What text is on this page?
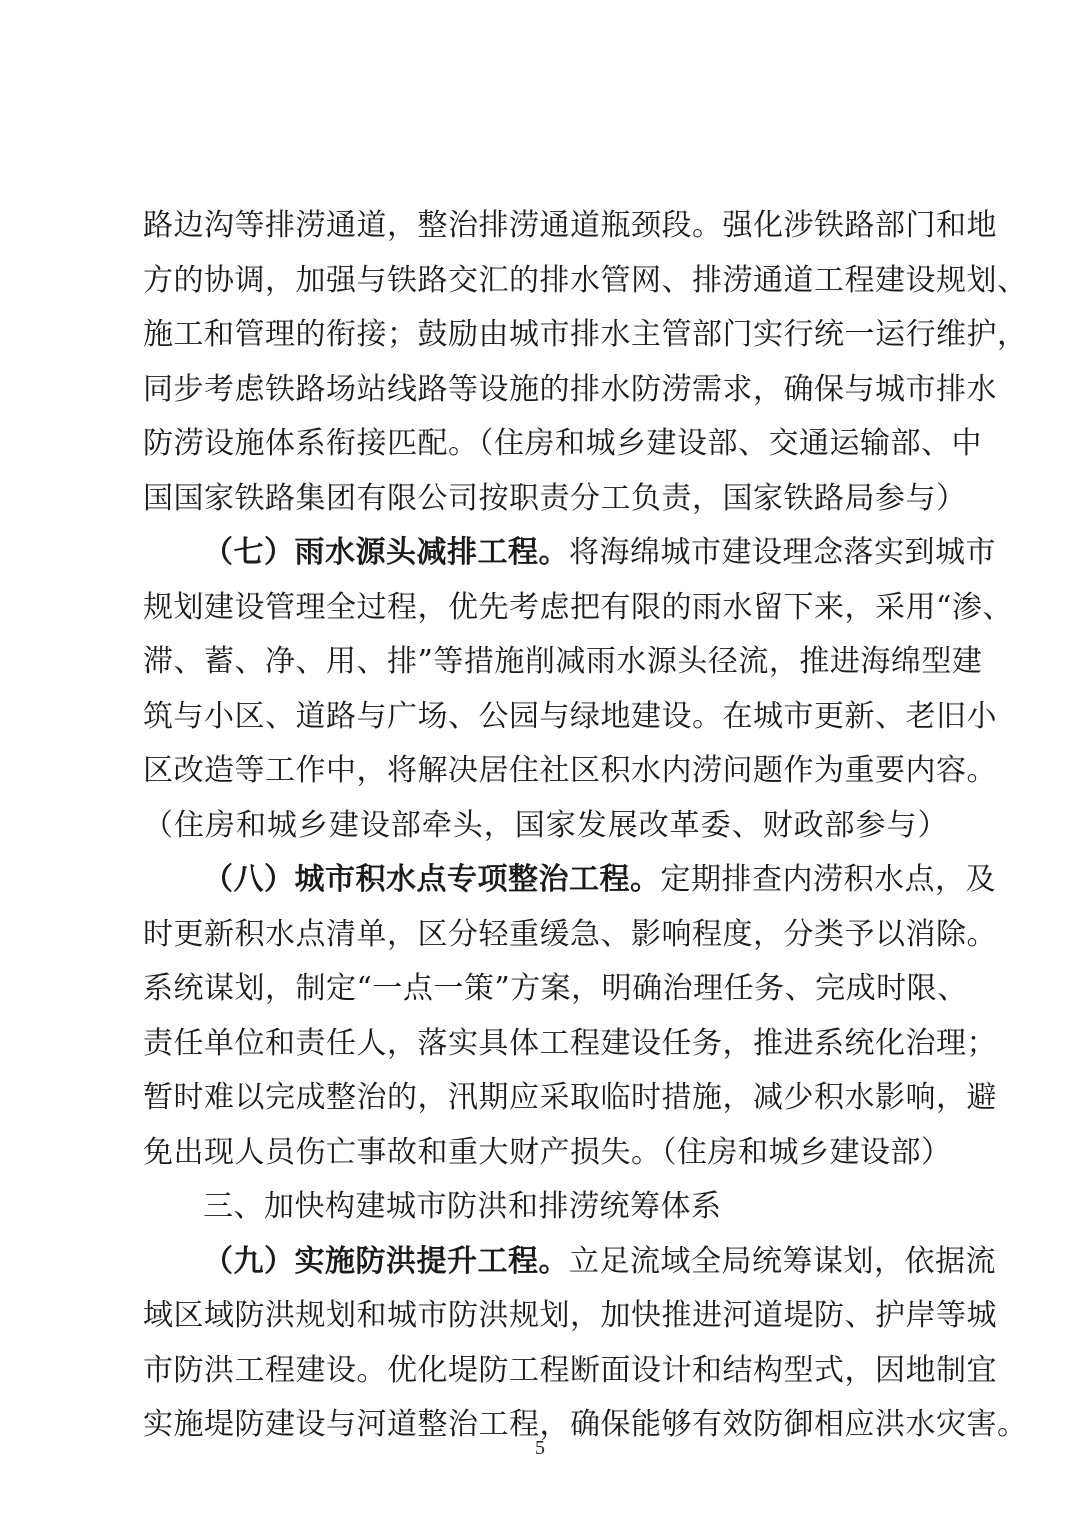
路边沟等排涝通道，整治排涝通道瓶颈段。强化涉铁路部门和地
方的协调，加强与铁路交汇的排水管网、排涝通道工程建设规划、
施工和管理的衔接；鼓励由城市排水主管部门实行统一运行维护，
同步考虑铁路场站线路等设施的排水防涝需求，确保与城市排水
防涝设施体系衔接匹配。（住房和城乡建设部、交通运输部、中
国国家铁路集团有限公司按职责分工负责，国家铁路局参与）
（七）雨水源头减排工程。将海绵城市建设理念落实到城市
规划建设管理全过程，优先考虑把有限的雨水留下来，采用“渗、
滞、蓄、净、用、排”等措施削减雨水源头径流，推进海绵型建
筑与小区、道路与广场、公园与绿地建设。在城市更新、老旧小
区改造等工作中，将解决居住社区积水内涝问题作为重要内容。
（住房和城乡建设部牵头，国家发展改革委、财政部参与）
（八）城市积水点专项整治工程。定期排查内涝积水点，及
时更新积水点清单，区分轻重缓急、影响程度，分类予以消除。
系统谋划，制定“一点一策”方案，明确治理任务、完成时限、
责任单位和责任人，落实具体工程建设任务，推进系统化治理；
暂时难以完成整治的，汛期应采取临时措施，减少积水影响，避
免出现人员伤亡事故和重大财产损失。（住房和城乡建设部）
三、加快构建城市防洪和排涝统筹体系
（九）实施防洪提升工程。立足流域全局统筹谋划，依据流
域区域防洪规划和城市防洪规划，加快推进河道堤防、护岸等城
市防洪工程建设。优化堤防工程断面设计和结构型式，因地制宜
实施堤防建设与河道整治工程，确保能够有效防御相应洪水灾害。
5
